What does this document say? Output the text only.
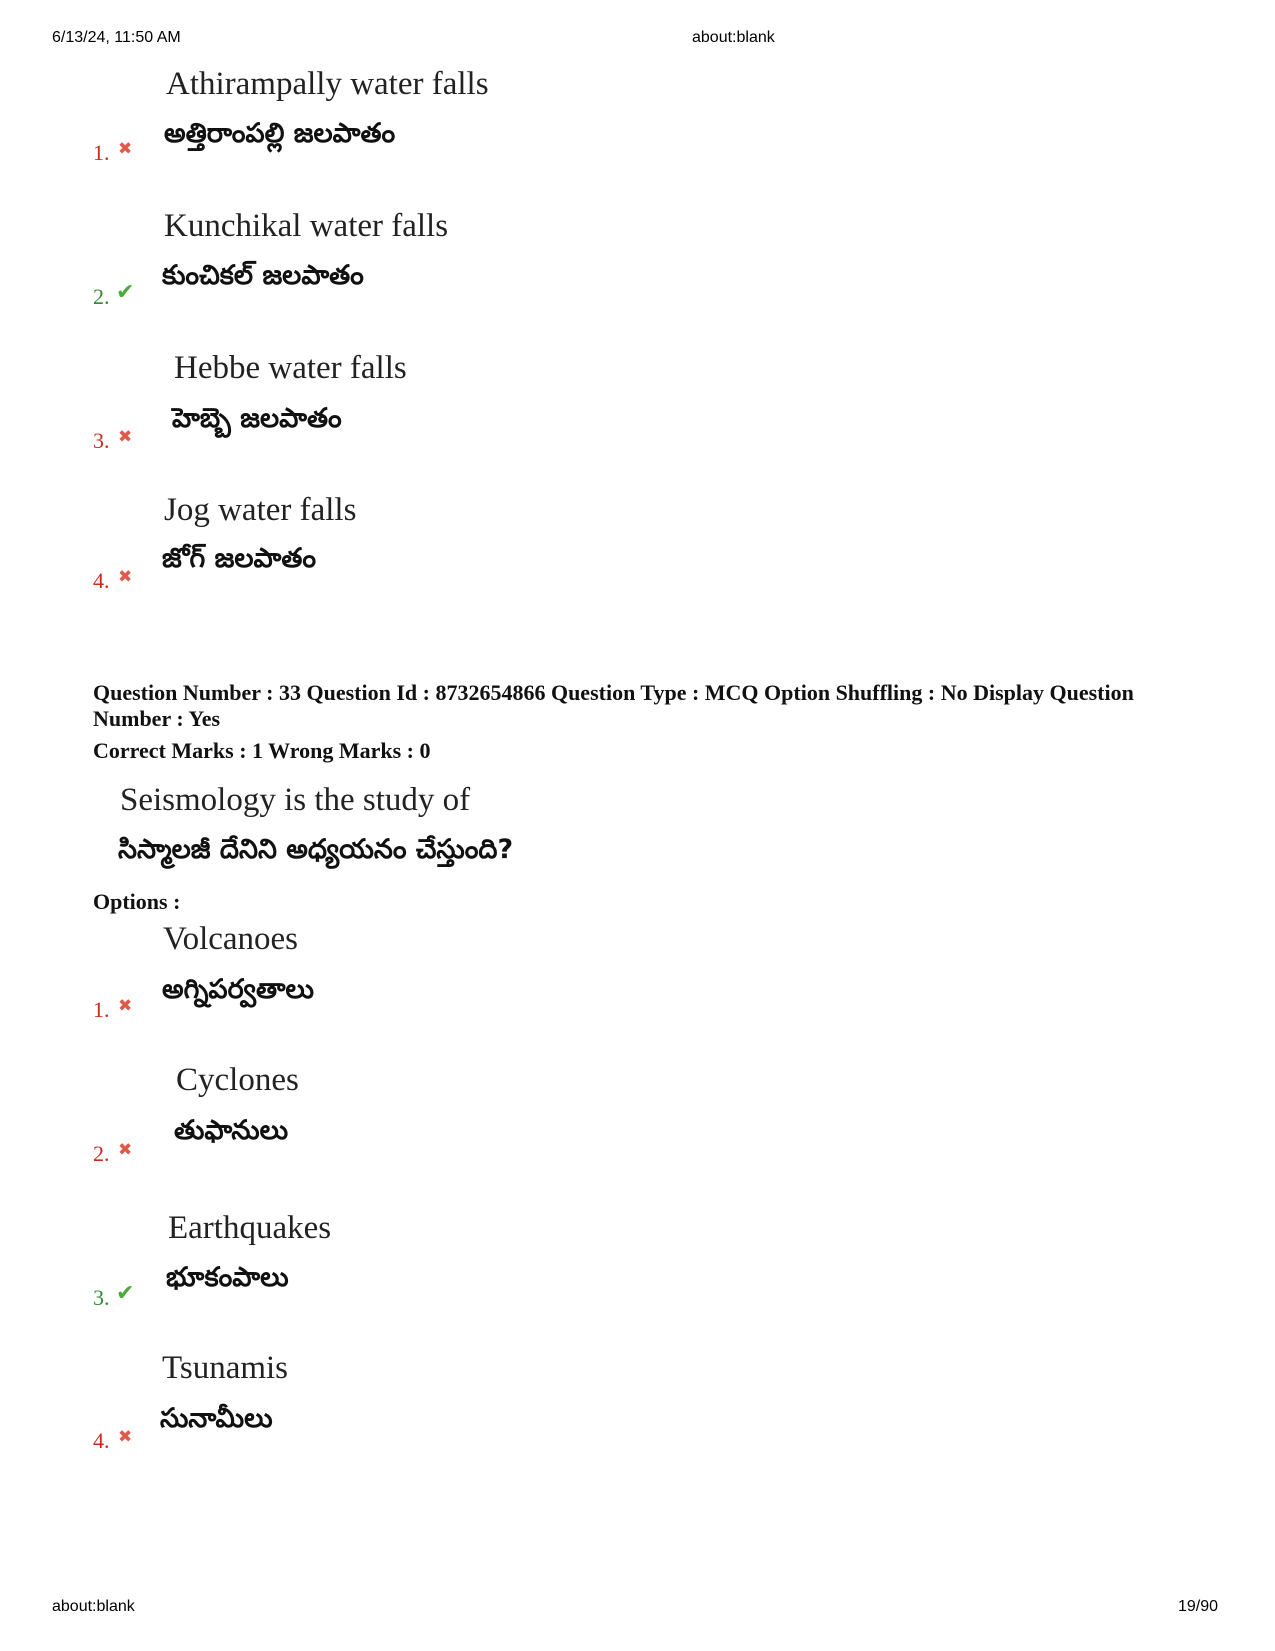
6/13/24, 11:50 AM	about:blank
about:blank	19/90
Athirampally water falls
అత్తిరాంపల్లి జలపాతం
1. ✖
Kunchikal water falls
కుంచికల్ జలపాతం
2. ✔
Hebbe water falls
హెబ్బె జలపాతం
3. ✖
Jog water falls
జోగ్ జలపాతం
4. ✖
Question Number : 33 Question Id : 8732654866 Question Type : MCQ Option Shuffling : No Display Question Number : Yes
Correct Marks : 1 Wrong Marks : 0
Seismology is the study of
సిస్మాలజీ దేనిని అధ్యయనం చేస్తుంది?
Options :
Volcanoes
అగ్నిపర్వతాలు
1. ✖
Cyclones
తుఫానులు
2. ✖
Earthquakes
భూకంపాలు
3. ✔
Tsunamis
సునామీలు
4. ✖
